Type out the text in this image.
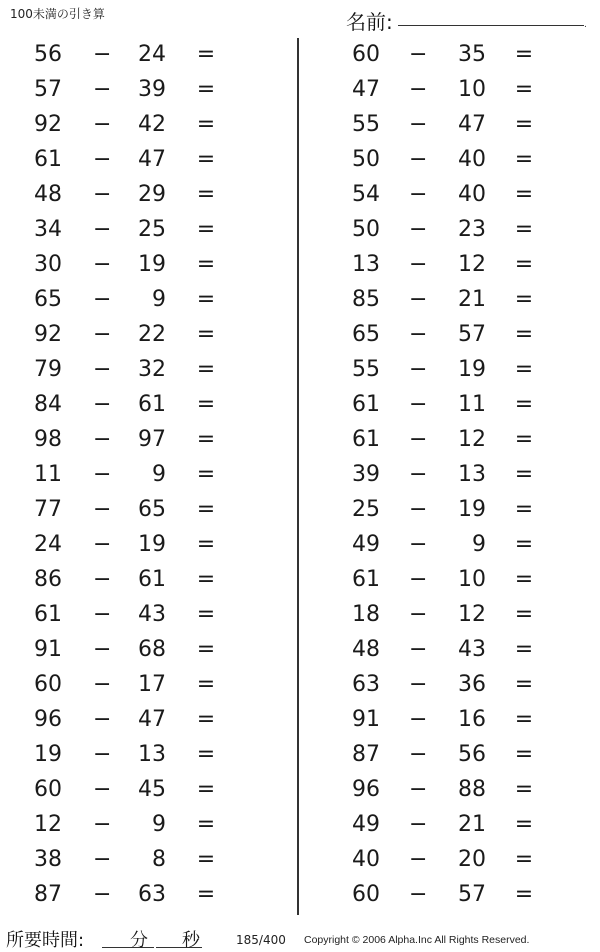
100未満の引き算	名前:	.
56 − 24 =
57 − 39 =
92 − 42 =
61 − 47 =
48 − 29 =
34 − 25 =
30 − 19 =
65 −	9 =
92 − 22 =
79 − 32 =
84 − 61 =
98 − 97 =
11 −	9 =
77 − 65 =
24 − 19 =
86 − 61 =
61 − 43 =
91 − 68 =
60 − 17 =
96 − 47 =
19 − 13 =
60 − 45 =
12 −	9 =
38 −	8 =
87 − 63 =
60 − 35 =
47 − 10 =
55 − 47 =
50 − 40 =
54 − 40 =
50 − 23 =
13 − 12 =
85 − 21 =
65 − 57 =
55 − 19 =
61 − 11 =
61 − 12 =
39 − 13 =
25 − 19 =
49 −	9 =
61 − 10 =
18 − 12 =
48 − 43 =
63 − 36 =
91 − 16 =
87 − 56 =
96 − 88 =
49 − 21 =
40 − 20 =
60 − 57 =
所要時間:	分 秒	185/400 Copyright © 2006 Alpha.Inc All Rights Reserved.
